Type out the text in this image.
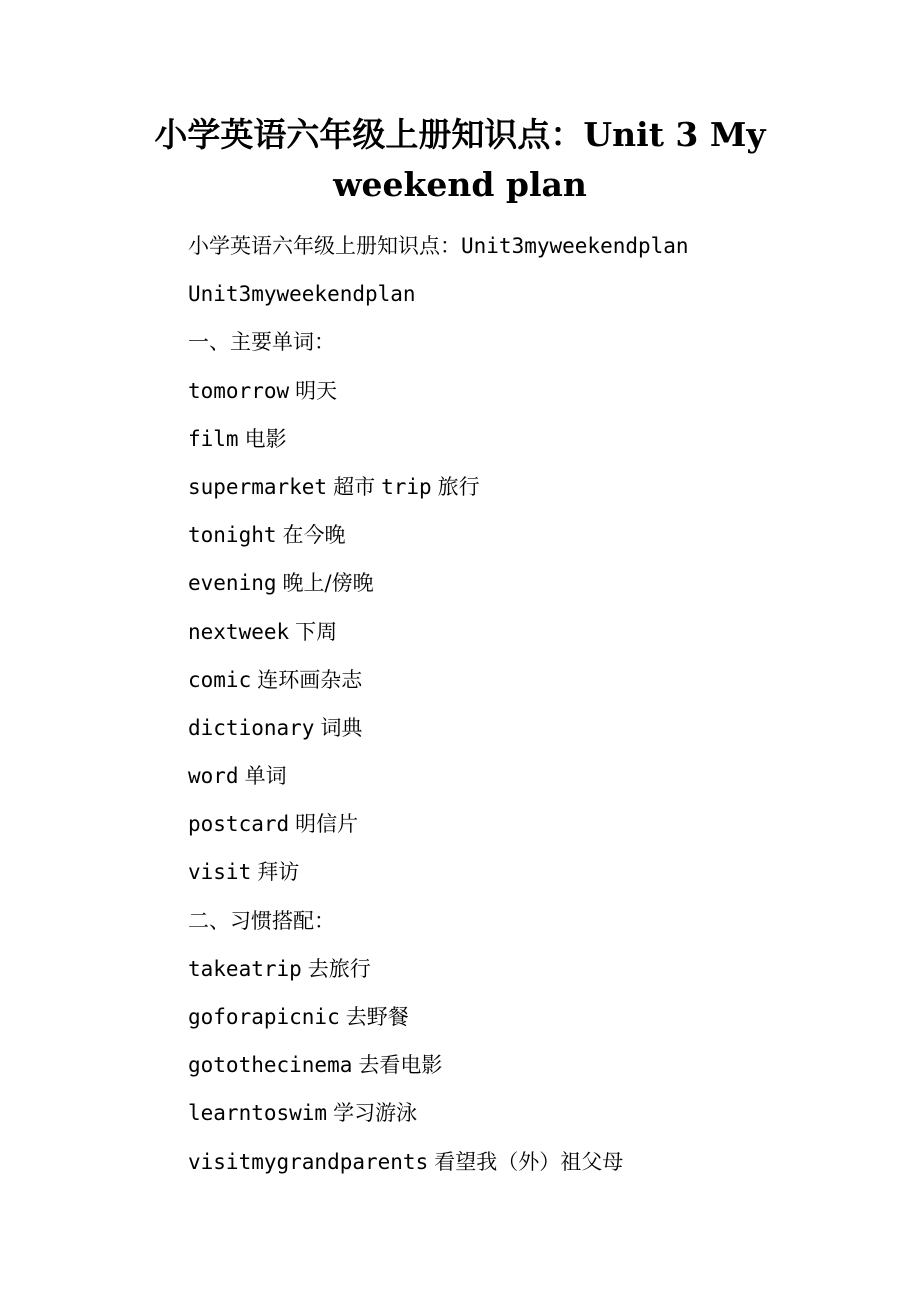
小学英语六年级上册知识点：Unit 3 My weekend plan
小学英语六年级上册知识点：Unit3myweekendplan
Unit3myweekendplan
一、主要单词：
tomorrow 明天
film 电影
supermarket 超市 trip 旅行
tonight 在今晚
evening 晚上/傍晚
nextweek 下周
comic 连环画杂志
dictionary 词典
word 单词
postcard 明信片
visit 拜访
二、习惯搭配：
takeatrip 去旅行
goforapicnic 去野餐
gotothecinema 去看电影
learntoswim 学习游泳
visitmygrandparents 看望我（外）祖父母
